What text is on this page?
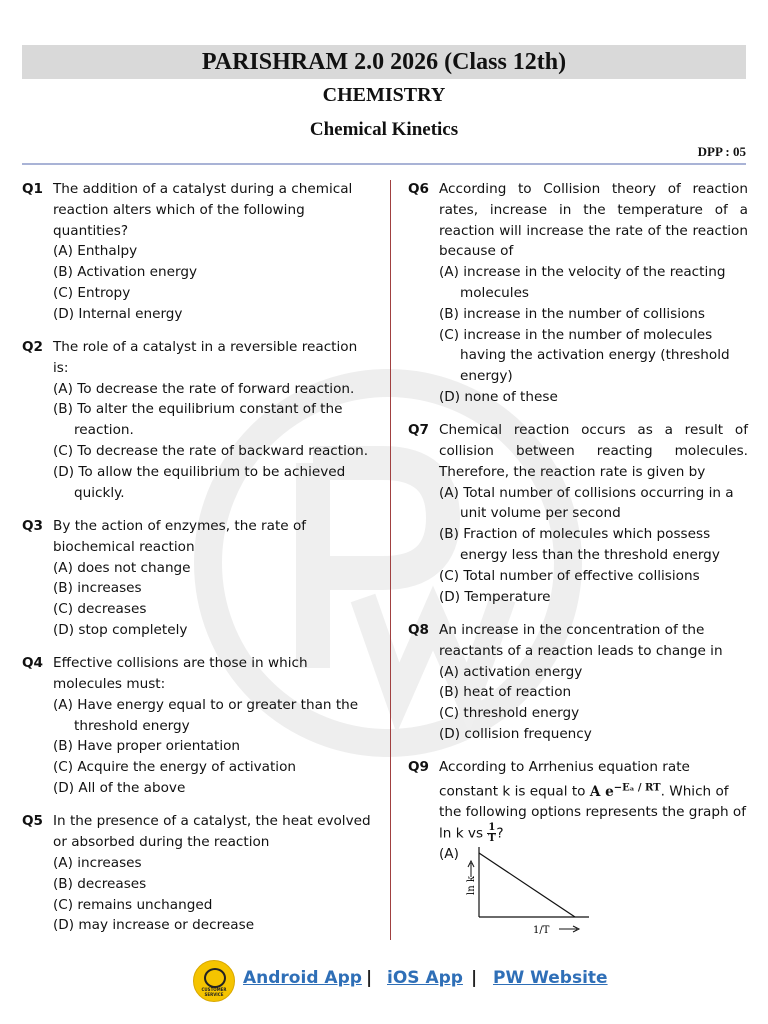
PARISHRAM 2.0 2026 (Class 12th)
CHEMISTRY
Chemical Kinetics
DPP : 05
Q1 The addition of a catalyst during a chemical reaction alters which of the following quantities?
(A) Enthalpy
(B) Activation energy
(C) Entropy
(D) Internal energy
Q2 The role of a catalyst in a reversible reaction is:
(A) To decrease the rate of forward reaction.
(B) To alter the equilibrium constant of the reaction.
(C) To decrease the rate of backward reaction.
(D) To allow the equilibrium to be achieved quickly.
Q3 By the action of enzymes, the rate of biochemical reaction
(A) does not change
(B) increases
(C) decreases
(D) stop completely
Q4 Effective collisions are those in which molecules must:
(A) Have energy equal to or greater than the threshold energy
(B) Have proper orientation
(C) Acquire the energy of activation
(D) All of the above
Q5 In the presence of a catalyst, the heat evolved or absorbed during the reaction
(A) increases
(B) decreases
(C) remains unchanged
(D) may increase or decrease
Q6 According to Collision theory of reaction rates, increase in the temperature of a reaction will increase the rate of the reaction because of
(A) increase in the velocity of the reacting molecules
(B) increase in the number of collisions
(C) increase in the number of molecules having the activation energy (threshold energy)
(D) none of these
Q7 Chemical reaction occurs as a result of collision between reacting molecules. Therefore, the reaction rate is given by
(A) Total number of collisions occurring in a unit volume per second
(B) Fraction of molecules which possess energy less than the threshold energy
(C) Total number of effective collisions
(D) Temperature
Q8 An increase in the concentration of the reactants of a reaction leads to change in
(A) activation energy
(B) heat of reaction
(C) threshold energy
(D) collision frequency
Q9 According to Arrhenius equation rate constant k is equal to A $e^{-E_a / RT}$. Which of the following options represents the graph of ln k vs $\frac{1}{T}$ ?
(A)
ln k
1/T
CUSTOMER SERVICE
Android App | iOS App | PW Website
